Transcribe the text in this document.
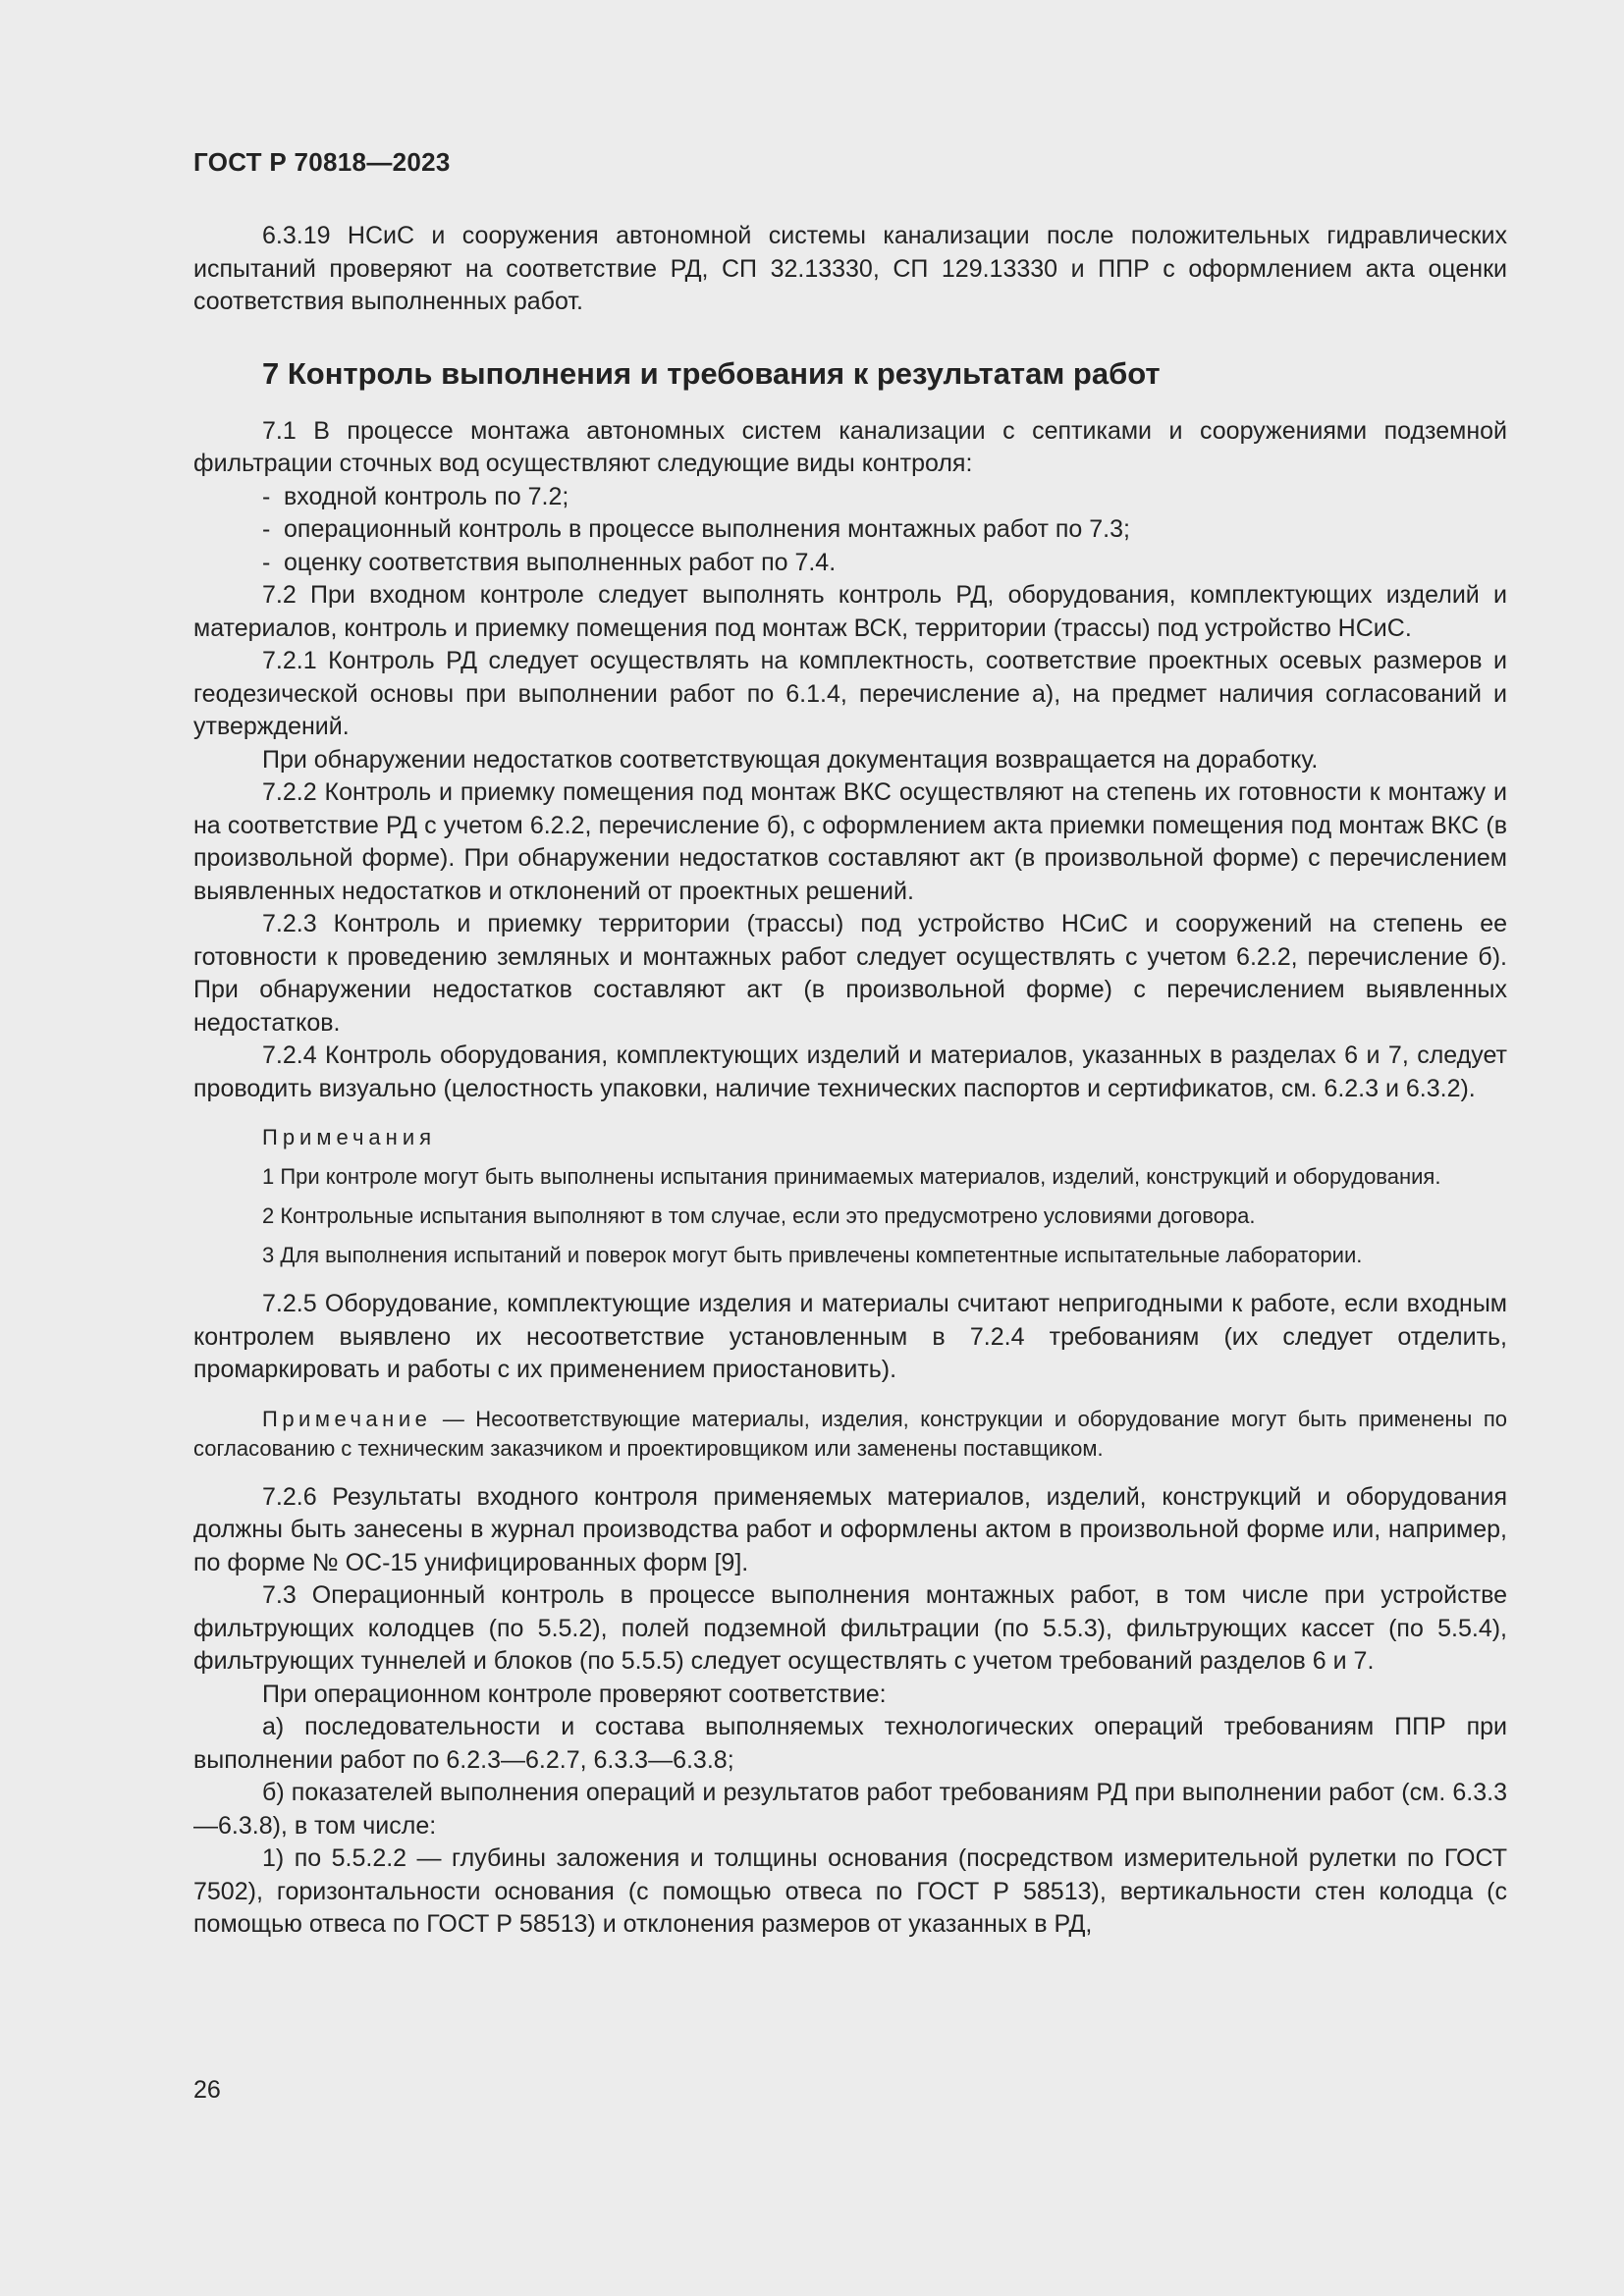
ГОСТ Р 70818—2023

6.3.19 НСиС и сооружения автономной системы канализации после положительных гидравлических испытаний проверяют на соответствие РД, СП 32.13330, СП 129.13330 и ППР с оформлением акта оценки соответствия выполненных работ.

7 Контроль выполнения и требования к результатам работ

7.1 В процессе монтажа автономных систем канализации с септиками и сооружениями подземной фильтрации сточных вод осуществляют следующие виды контроля:

- входной контроль по 7.2;
- операционный контроль в процессе выполнения монтажных работ по 7.3;
- оценку соответствия выполненных работ по 7.4.

7.2 При входном контроле следует выполнять контроль РД, оборудования, комплектующих изделий и материалов, контроль и приемку помещения под монтаж ВСК, территории (трассы) под устройство НСиС.

7.2.1 Контроль РД следует осуществлять на комплектность, соответствие проектных осевых размеров и геодезической основы при выполнении работ по 6.1.4, перечисление а), на предмет наличия согласований и утверждений.

При обнаружении недостатков соответствующая документация возвращается на доработку.

7.2.2 Контроль и приемку помещения под монтаж ВКС осуществляют на степень их готовности к монтажу и на соответствие РД с учетом 6.2.2, перечисление б), с оформлением акта приемки помещения под монтаж ВКС (в произвольной форме). При обнаружении недостатков составляют акт (в произвольной форме) с перечислением выявленных недостатков и отклонений от проектных решений.

7.2.3 Контроль и приемку территории (трассы) под устройство НСиС и сооружений на степень ее готовности к проведению земляных и монтажных работ следует осуществлять с учетом 6.2.2, перечисление б). При обнаружении недостатков составляют акт (в произвольной форме) с перечислением выявленных недостатков.

7.2.4 Контроль оборудования, комплектующих изделий и материалов, указанных в разделах 6 и 7, следует проводить визуально (целостность упаковки, наличие технических паспортов и сертификатов, см. 6.2.3 и 6.3.2).

Примечания

1 При контроле могут быть выполнены испытания принимаемых материалов, изделий, конструкций и оборудования.

2 Контрольные испытания выполняют в том случае, если это предусмотрено условиями договора.

3 Для выполнения испытаний и поверок могут быть привлечены компетентные испытательные лаборатории.

7.2.5 Оборудование, комплектующие изделия и материалы считают непригодными к работе, если входным контролем выявлено их несоответствие установленным в 7.2.4 требованиям (их следует отделить, промаркировать и работы с их применением приостановить).

Примечание — Несоответствующие материалы, изделия, конструкции и оборудование могут быть применены по согласованию с техническим заказчиком и проектировщиком или заменены поставщиком.

7.2.6 Результаты входного контроля применяемых материалов, изделий, конструкций и оборудования должны быть занесены в журнал производства работ и оформлены актом в произвольной форме или, например, по форме № ОС-15 унифицированных форм [9].

7.3 Операционный контроль в процессе выполнения монтажных работ, в том числе при устройстве фильтрующих колодцев (по 5.5.2), полей подземной фильтрации (по 5.5.3), фильтрующих кассет (по 5.5.4), фильтрующих туннелей и блоков (по 5.5.5) следует осуществлять с учетом требований разделов 6 и 7.

При операционном контроле проверяют соответствие:

а) последовательности и состава выполняемых технологических операций требованиям ППР при выполнении работ по 6.2.3—6.2.7, 6.3.3—6.3.8;

б) показателей выполнения операций и результатов работ требованиям РД при выполнении работ (см. 6.3.3—6.3.8), в том числе:

1) по 5.5.2.2 — глубины заложения и толщины основания (посредством измерительной рулетки по ГОСТ 7502), горизонтальности основания (с помощью отвеса по ГОСТ Р 58513), вертикальности стен колодца (с помощью отвеса по ГОСТ Р 58513) и отклонения размеров от указанных в РД,

26
